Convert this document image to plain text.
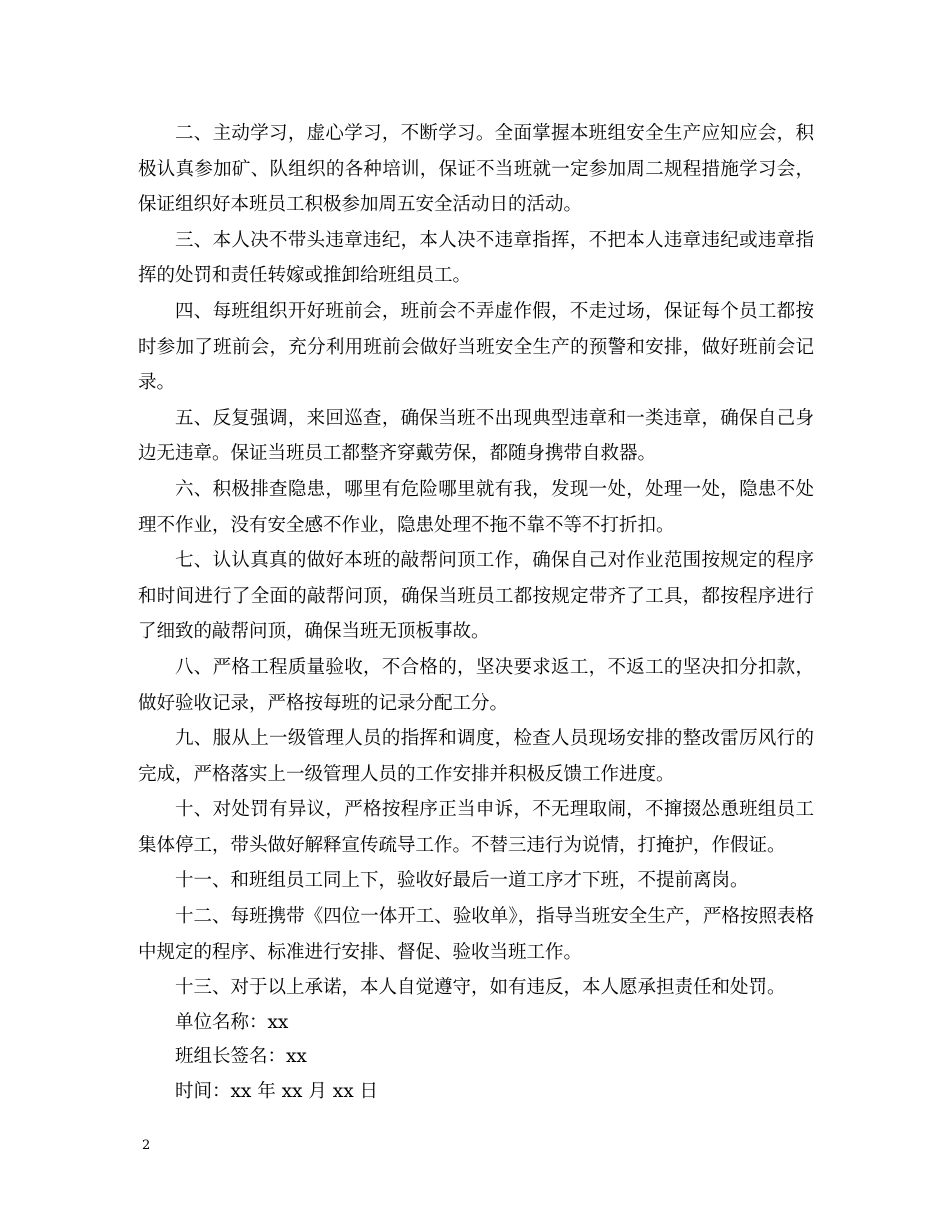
二、主动学习，虚心学习，不断学习。全面掌握本班组安全生产应知应会，积极认真参加矿、队组织的各种培训，保证不当班就一定参加周二规程措施学习会，保证组织好本班员工积极参加周五安全活动日的活动。

三、本人决不带头违章违纪，本人决不违章指挥，不把本人违章违纪或违章指挥的处罚和责任转嫁或推卸给班组员工。

四、每班组织开好班前会，班前会不弄虚作假，不走过场，保证每个员工都按时参加了班前会，充分利用班前会做好当班安全生产的预警和安排，做好班前会记录。

五、反复强调，来回巡查，确保当班不出现典型违章和一类违章，确保自己身边无违章。保证当班员工都整齐穿戴劳保，都随身携带自救器。

六、积极排查隐患，哪里有危险哪里就有我，发现一处，处理一处，隐患不处理不作业，没有安全感不作业，隐患处理不拖不靠不等不打折扣。

七、认认真真的做好本班的敲帮问顶工作，确保自己对作业范围按规定的程序和时间进行了全面的敲帮问顶，确保当班员工都按规定带齐了工具，都按程序进行了细致的敲帮问顶，确保当班无顶板事故。

八、严格工程质量验收，不合格的，坚决要求返工，不返工的坚决扣分扣款，做好验收记录，严格按每班的记录分配工分。

九、服从上一级管理人员的指挥和调度，检查人员现场安排的整改雷厉风行的完成，严格落实上一级管理人员的工作安排并积极反馈工作进度。

十、对处罚有异议，严格按程序正当申诉，不无理取闹，不撺掇怂恿班组员工集体停工，带头做好解释宣传疏导工作。不替三违行为说情，打掩护，作假证。

十一、和班组员工同上下，验收好最后一道工序才下班，不提前离岗。

十二、每班携带《四位一体开工、验收单》，指导当班安全生产，严格按照表格中规定的程序、标准进行安排、督促、验收当班工作。

十三、对于以上承诺，本人自觉遵守，如有违反，本人愿承担责任和处罚。

单位名称：xx

班组长签名：xx

时间：xx 年 xx 月 xx 日

2
